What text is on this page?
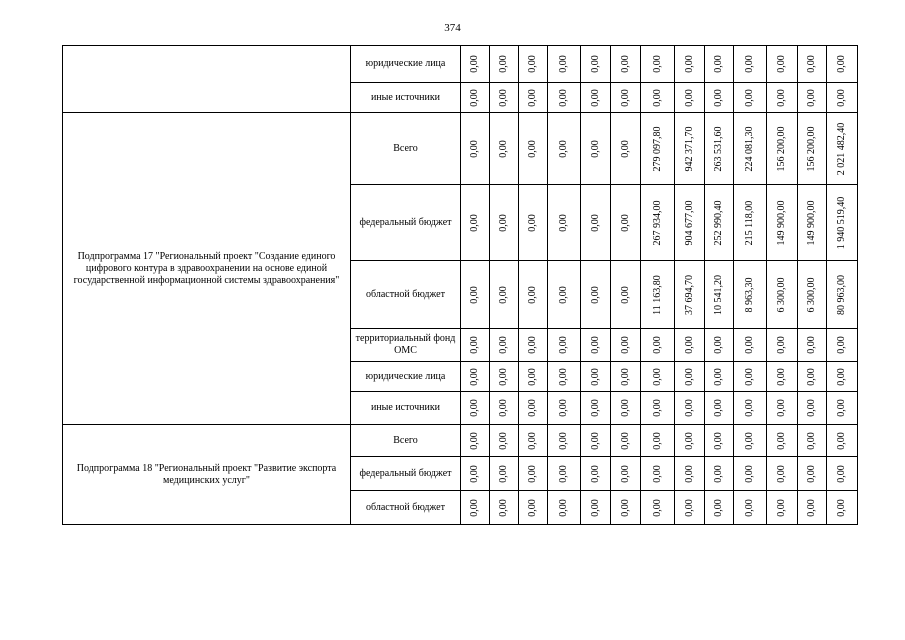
374
	юридические лица	0,00	0,00	0,00	0,00	0,00	0,00	0,00	0,00	0,00	0,00	0,00	0,00	0,00

	иные источники	0,00	0,00	0,00	0,00	0,00	0,00	0,00	0,00	0,00	0,00	0,00	0,00	0,00

Подпрограмма 17 "Региональный проект "Создание единого цифрового контура в здравоохранении на основе единой государственной информационной системы здравоохранения"	Всего	0,00	0,00	0,00	0,00	0,00	0,00	279 097,80	942 371,70	263 531,60	224 081,30	156 200,00	156 200,00	2 021 482,40

	федеральный бюджет	0,00	0,00	0,00	0,00	0,00	0,00	267 934,00	904 677,00	252 990,40	215 118,00	149 900,00	149 900,00	1 940 519,40

	областной бюджет	0,00	0,00	0,00	0,00	0,00	0,00	11 163,80	37 694,70	10 541,20	8 963,30	6 300,00	6 300,00	80 963,00

	территориальный фонд ОМС	0,00	0,00	0,00	0,00	0,00	0,00	0,00	0,00	0,00	0,00	0,00	0,00	0,00

	юридические лица	0,00	0,00	0,00	0,00	0,00	0,00	0,00	0,00	0,00	0,00	0,00	0,00	0,00

	иные источники	0,00	0,00	0,00	0,00	0,00	0,00	0,00	0,00	0,00	0,00	0,00	0,00	0,00

Подпрограмма 18 "Региональный проект "Развитие экспорта медицинских услуг"	Всего	0,00	0,00	0,00	0,00	0,00	0,00	0,00	0,00	0,00	0,00	0,00	0,00	0,00

	федеральный бюджет	0,00	0,00	0,00	0,00	0,00	0,00	0,00	0,00	0,00	0,00	0,00	0,00	0,00

	областной бюджет	0,00	0,00	0,00	0,00	0,00	0,00	0,00	0,00	0,00	0,00	0,00	0,00	0,00
